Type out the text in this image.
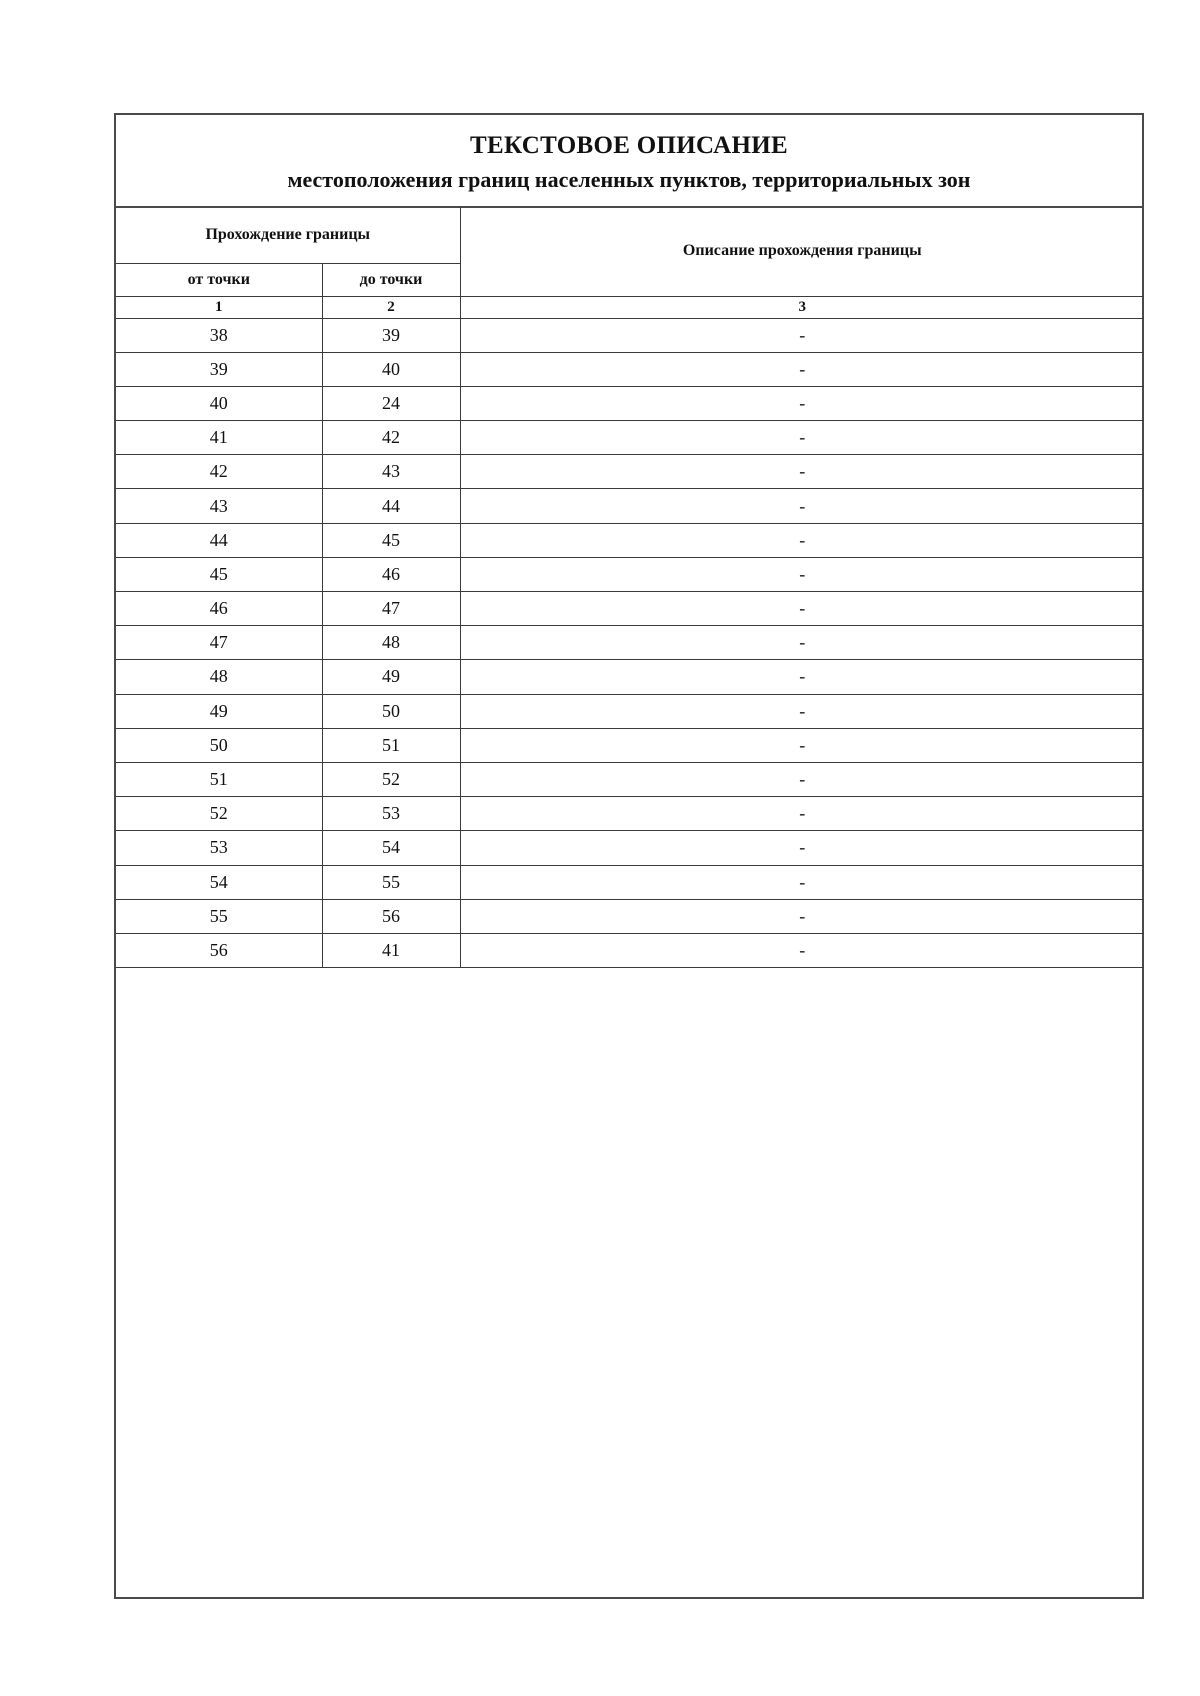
ТЕКСТОВОЕ ОПИСАНИЕ
местоположения границ населенных пунктов, территориальных зон
Прохождение границы		Описание прохождения границы
от точки	до точки	
1	2	3
38	39	-
39	40	-
40	24	-
41	42	-
42	43	-
43	44	-
44	45	-
45	46	-
46	47	-
47	48	-
48	49	-
49	50	-
50	51	-
51	52	-
52	53	-
53	54	-
54	55	-
55	56	-
56	41	-
